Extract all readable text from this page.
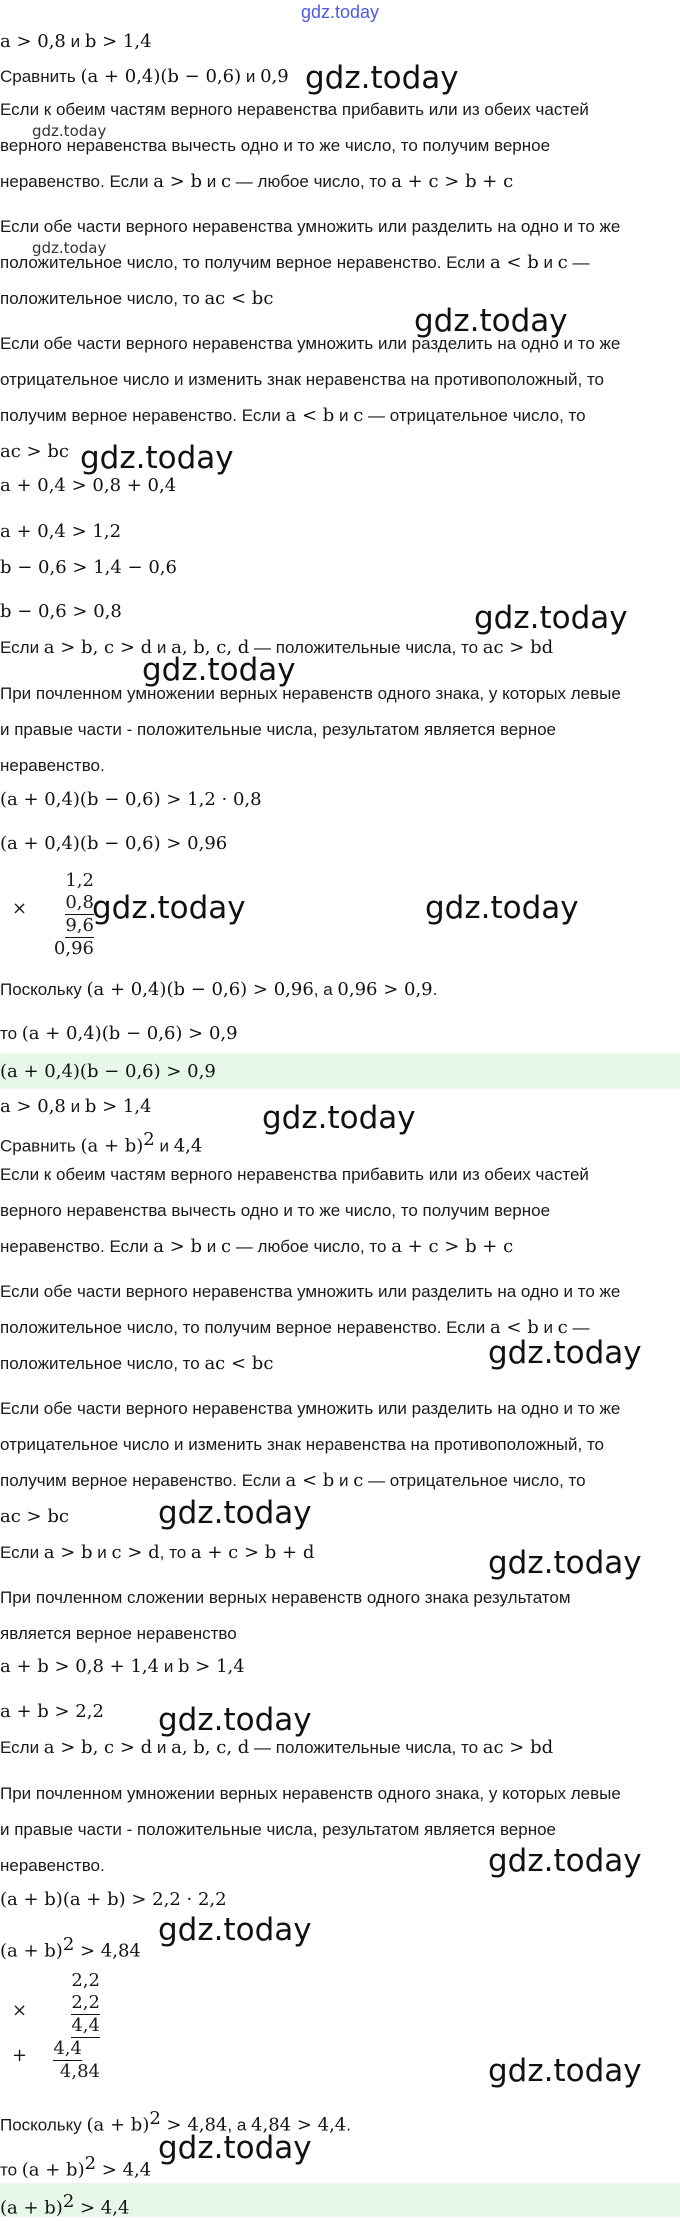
gdz.today
a > 0,8 и b > 1,4
Сравнить (a + 0,4)(b − 0,6) и 0,9
Если к обеим частям верного неравенства прибавить или из обеих частей
верного неравенства вычесть одно и то же число, то получим верное
неравенство. Если a > b и c — любое число, то a + c > b + c
Если обе части верного неравенства умножить или разделить на одно и то же
положительное число, то получим верное неравенство. Если a < b и c —
положительное число, то ac < bc
Если обе части верного неравенства умножить или разделить на одно и то же
отрицательное число и изменить знак неравенства на противоположный, то
получим верное неравенство. Если a < b и c — отрицательное число, то
ac > bc
a + 0,4 > 0,8 + 0,4
a + 0,4 > 1,2
b − 0,6 > 1,4 − 0,6
b − 0,6 > 0,8
Если a > b, c > d и a, b, c, d — положительные числа, то ac > bd
При почленном умножении верных неравенств одного знака, у которых левые
и правые части - положительные числа, результатом является верное
неравенство.
(a + 0,4)(b − 0,6) > 1,2 · 0,8
(a + 0,4)(b − 0,6) > 0,96
×
1,2
0,8
9,6
0,96
Поскольку (a + 0,4)(b − 0,6) > 0,96, а 0,96 > 0,9.
то (a + 0,4)(b − 0,6) > 0,9
(a + 0,4)(b − 0,6) > 0,9
a > 0,8 и b > 1,4
Сравнить $(a + b)^2$ и 4,4
Если к обеим частям верного неравенства прибавить или из обеих частей
верного неравенства вычесть одно и то же число, то получим верное
неравенство. Если a > b и c — любое число, то a + c > b + c
Если обе части верного неравенства умножить или разделить на одно и то же
положительное число, то получим верное неравенство. Если a < b и c —
положительное число, то ac < bc
Если обе части верного неравенства умножить или разделить на одно и то же
отрицательное число и изменить знак неравенства на противоположный, то
получим верное неравенство. Если a < b и c — отрицательное число, то
ac > bc
Если a > b и c > d, то a + c > b + d
При почленном сложении верных неравенств одного знака результатом
является верное неравенство
a + b > 0,8 + 1,4 и b > 1,4
a + b > 2,2
Если a > b, c > d и a, b, c, d — положительные числа, то ac > bd
При почленном умножении верных неравенств одного знака, у которых левые
и правые части - положительные числа, результатом является верное
неравенство.
(a + b)(a + b) > 2,2 · 2,2
$(a + b)^2 > 4,84$
×
+
2,2
2,2
4,4
4,4
4,84
Поскольку $(a + b)^2 > 4,84$, а 4,84 > 4,4.
то $(a + b)^2 > 4,4$
$(a + b)^2 > 4,4$
gdz.today
gdz.today
gdz.today
gdz.today
gdz.today
gdz.today
gdz.today
gdz.today	gdz.today
gdz.today
gdz.today
gdz.today
gdz.today
gdz.today
gdz.today
gdz.today
gdz.today
gdz.today
